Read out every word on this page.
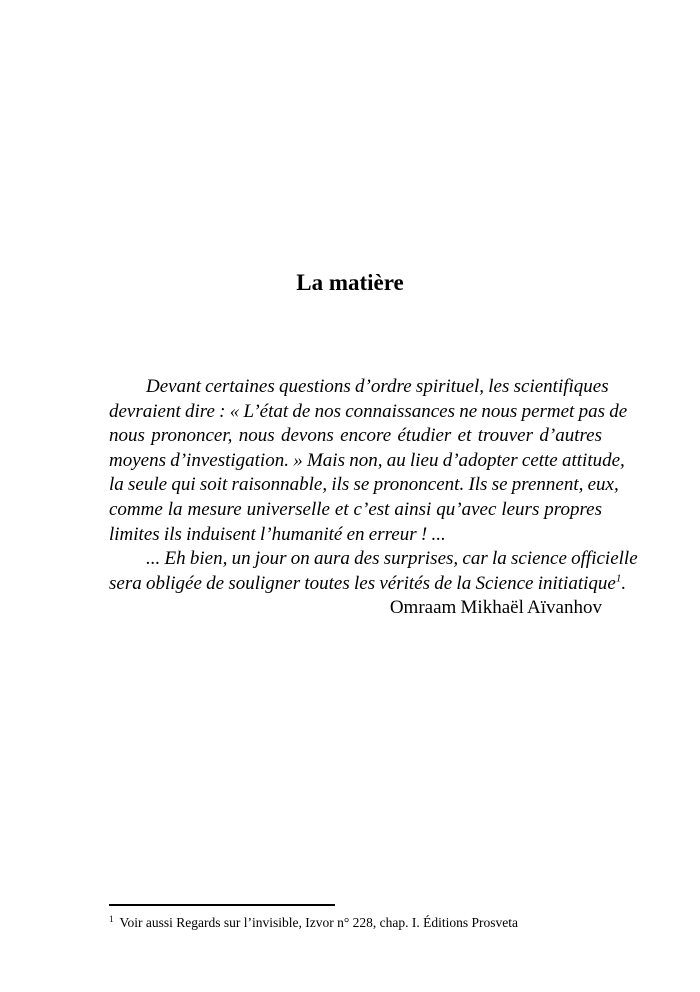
La matière
Devant certaines questions d’ordre spirituel, les scientifiques
devraient dire : « L’état de nos connaissances ne nous permet pas de
nous prononcer, nous devons encore étudier et trouver d’autres
moyens d’investigation. » Mais non, au lieu d’adopter cette attitude,
la seule qui soit raisonnable, ils se prononcent. Ils se prennent, eux,
comme la mesure universelle et c’est ainsi qu’avec leurs propres
limites ils induisent l’humanité en erreur ! ...
... Eh bien, un jour on aura des surprises, car la science officielle
sera obligée de souligner toutes les vérités de la Science initiatique$^1$.
Omraam Mikhaël Aïvanhov
$^1$ Voir aussi Regards sur l’invisible, Izvor n° 228, chap. I. Éditions Prosveta
